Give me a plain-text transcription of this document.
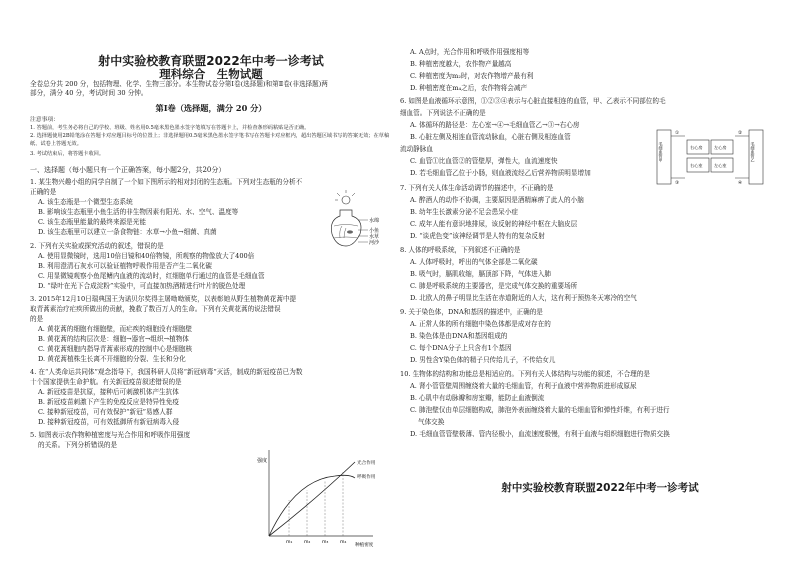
射中实验校教育联盟2022年中考一诊考试
理科综合　生物试题
全卷总分共 200 分，包括物理、化学、生物三部分。本生物试卷分第Ⅰ卷(选择题)和第Ⅱ卷(非选择题)两
部分，满分 40 分，考试时间 30 分钟。
第Ⅰ卷（选择题，满分 20 分）
注意事项：
1. 答题前，考生务必将自己的学校、班级、姓名用0.5毫米黑色墨水签字笔填写在答题卡上，并检查条形码粘贴是否正确。
2. 选择题使用2B铅笔涂在答题卡对应题目标号的位置上；非选择题用0.5毫米黑色墨水签字笔书写在答题卡对应框内，超出答题区域书写的答案无效；在草稿纸、试卷上答题无效。
3. 考试结束后，将答题卡收回。
一、选择题（每小题只有一个正确答案，每小题2分，共20分）
1. 某生物兴趣小组的同学自制了一个如下图所示的相对封闭的生态瓶。下列对生态瓶的分析不
正确的是
A. 该生态瓶是一个微型生态系统
B. 影响该生态瓶里小鱼生活的非生物因素有阳光、水、空气、温度等
C. 该生态瓶里能量的最终来源是光能
D. 该生态瓶里可以建立一条食物链：水草→小鱼→细菌、真菌
水绵
小鱼
水草
河沙
2. 下列有关实验或探究活动的叙述，错误的是
A. 使用显微镜时，选用10倍目镜和40倍物镜，所观察的物像放大了400倍
B. 利用澄清石灰水可以验证植物呼吸作用是否产生二氧化碳
C. 用显微镜观察小鱼尾鳍内血液的流动时，红细胞单行通过的血管是毛细血管
D. “绿叶在光下合成淀粉”实验中，可直接加热酒精进行叶片的脱色处理
3. 2015年12月10日瑞典国王为诺贝尔奖得主屠呦呦颁奖，以表彰她从野生植物黄花蒿中提
取青蒿素治疗疟疾所做出的贡献，挽救了数百万人的生命。下列有关黄花蒿的说法错误
的是
A. 黄花蒿的细胞有细胞壁，而疟疾的细胞没有细胞壁
B. 黄花蒿的结构层次是：细胞→器官→组织→植物体
C. 黄花蒿细胞内指导青蒿素形成的控制中心是细胞核
D. 黄花蒿植株生长离不开细胞的分裂、生长和分化
4. 在“人类命运共同体”观念指导下，我国科研人员将“新冠病毒”灭活，制成的新冠疫苗已为数
十个国家提供生命护航。有关新冠疫苗叙述错误的是
A. 新冠疫苗是抗原，接种后可刺激机体产生抗体
B. 新冠疫苗刺激下产生的免疫反应是特异性免疫
C. 接种新冠疫苗，可有效保护“新冠”易感人群
D. 接种新冠疫苗，可有效抵御所有新冠病毒入侵
5. 如图表示农作物种植密度与光合作用和呼吸作用强度
的关系。下列分析错误的是
强度
种植密度
光合作用
呼吸作用
m₁	m₂	m₃	m₄
A. A点时，光合作用和呼吸作用强度相等
B. 种植密度越大，农作物产量越高
C. 种植密度为m₂时，对农作物增产最有利
D. 种植密度在m₄之后，农作物将会减产
6. 如图是血液循环示意图，①②③④表示与心脏直接相连的血管，甲、乙表示不同部位的毛
细血管。下列说法不正确的是
A. 体循环的路径是：左心室→④→毛细血管乙→③→右心房
B. 心脏左侧及相连血管流动脉血，心脏右侧及相连血管
流动静脉血
C. 血管①比血管②的管壁厚，弹性大，血流速度快
D. 若毛细血管乙位于小肠，则血液流经乙后营养物质明显增加
毛细血管甲	右心房	左心房
右心室	左心室
毛细血管乙
①	②
③	④
7. 下列有关人体生命活动调节的描述中，不正确的是
A. 醉酒人的动作不协调，主要原因是酒精麻痹了此人的小脑
B. 幼年生长激素分泌不足会患呆小症
C. 成年人能有意识地排尿，该反射的神经中枢在大脑皮层
D. “谈虎色变”该神经调节是人特有的复杂反射
8. 人体的呼吸系统，下列叙述不正确的是
A. 人体呼吸时，呼出的气体全部是二氧化碳
B. 吸气时，膈肌收缩，膈顶部下降，气体进入肺
C. 肺是呼吸系统的主要器官，是完成气体交换的重要场所
D. 北欧人的鼻子明显比生活在赤道附近的人大，这有利于预热冬天寒冷的空气
9. 关于染色体，DNA和基因的描述中，正确的是
A. 正常人体的所有细胞中染色体都是成对存在的
B. 染色体是由DNA和基因组成的
C. 每个DNA分子上只含有1个基因
D. 男性含Y染色体的精子只传给儿子，不传给女儿
10. 生物体的结构和功能总是相适应的。下列有关人体结构与功能的叙述，不合理的是
A. 肾小管管壁周围缠绕着大量的毛细血管，有利于血液中营养物质进形成原尿
B. 心肌中有动脉瓣和房室瓣，能防止血液倒流
C. 肺泡壁仅由单层细胞构成，肺泡外表面缠绕着大量的毛细血管和弹性纤维，有利于进行
气体交换
D. 毛细血管管壁极薄、管内径极小，血流速度极慢，有利于血液与组织细胞进行物质交换
射中实验校教育联盟2022年中考一诊考试
